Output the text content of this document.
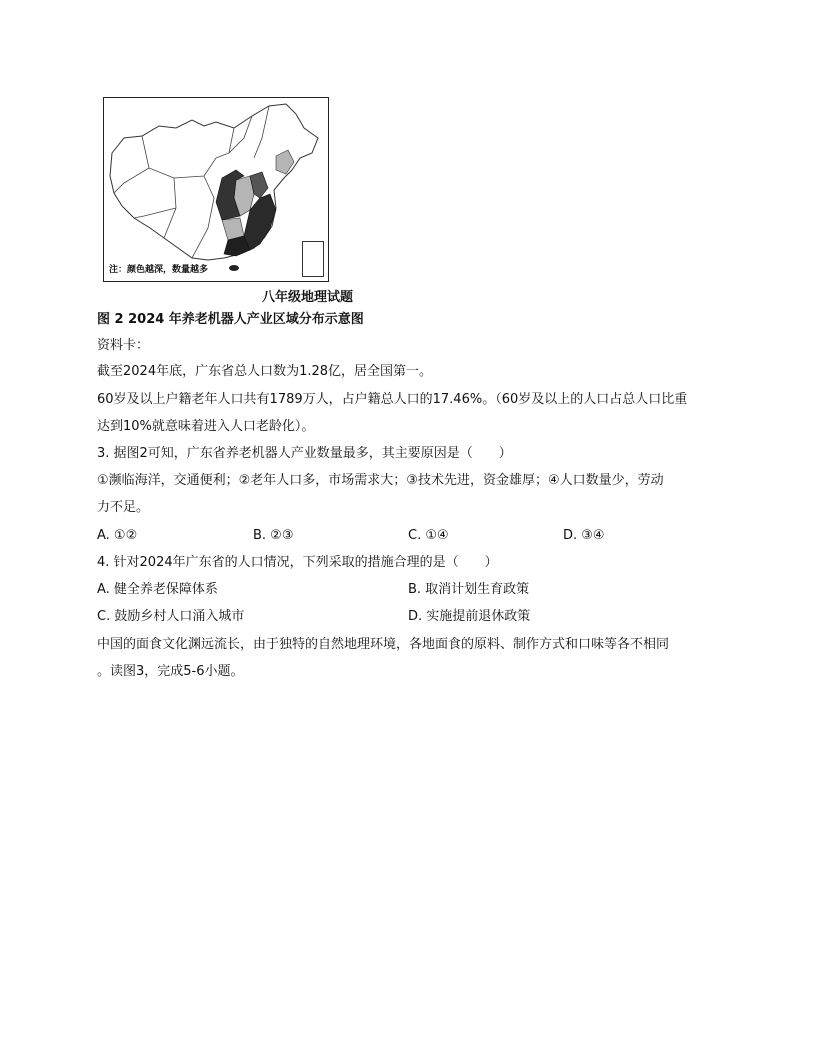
注：颜色越深，数量越多
八年级地理试题
图 2 2024 年养老机器人产业区域分布示意图
资料卡：
截至2024年底，广东省总人口数为1.28亿，居全国第一。
60岁及以上户籍老年人口共有1789万人，占户籍总人口的17.46%。（60岁及以上的人口占总人口比重
达到10%就意味着进入人口老龄化）。
3. 据图2可知，广东省养老机器人产业数量最多，其主要原因是（　　）
①濒临海洋，交通便利；②老年人口多，市场需求大；③技术先进，资金雄厚；④人口数量少，劳动
力不足。
A. ①②	B. ②③	C. ①④	D. ③④
4. 针对2024年广东省的人口情况，下列采取的措施合理的是（　　）
A. 健全养老保障体系	B. 取消计划生育政策
C. 鼓励乡村人口涌入城市	D. 实施提前退休政策
中国的面食文化渊远流长，由于独特的自然地理环境，各地面食的原料、制作方式和口味等各不相同
。读图3，完成5-6小题。
